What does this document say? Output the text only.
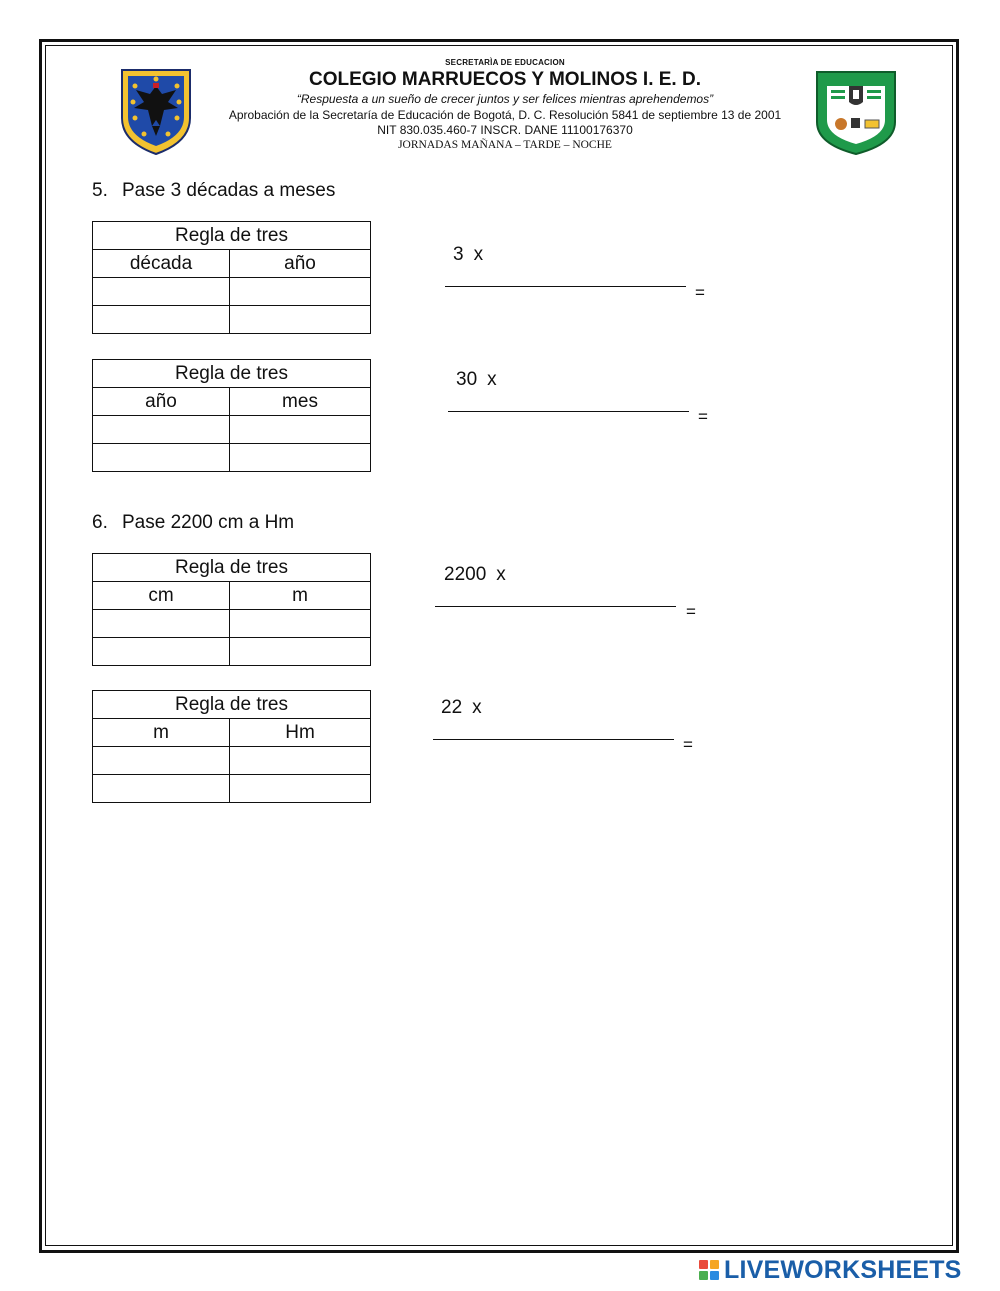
SECRETARÌA DE EDUCACION
COLEGIO MARRUECOS Y MOLINOS I. E. D.
“Respuesta a un sueño de crecer juntos y ser felices mientras aprehendemos”
Aprobación de la Secretaría de Educación de Bogotá, D. C. Resolución 5841 de septiembre 13 de 2001
NIT 830.035.460-7 INSCR. DANE 11100176370
JORNADAS MAÑANA – TARDE – NOCHE
5. Pase 3 décadas a meses
Regla de tres	
década	año

		3 x
=
Regla de tres	
año	mes

30 x
=
6. Pase 2200 cm a Hm
Regla de tres	
cm	m

2200 x
=
Regla de tres	
m	Hm

22 x
=
LIVEWORKSHEETS
